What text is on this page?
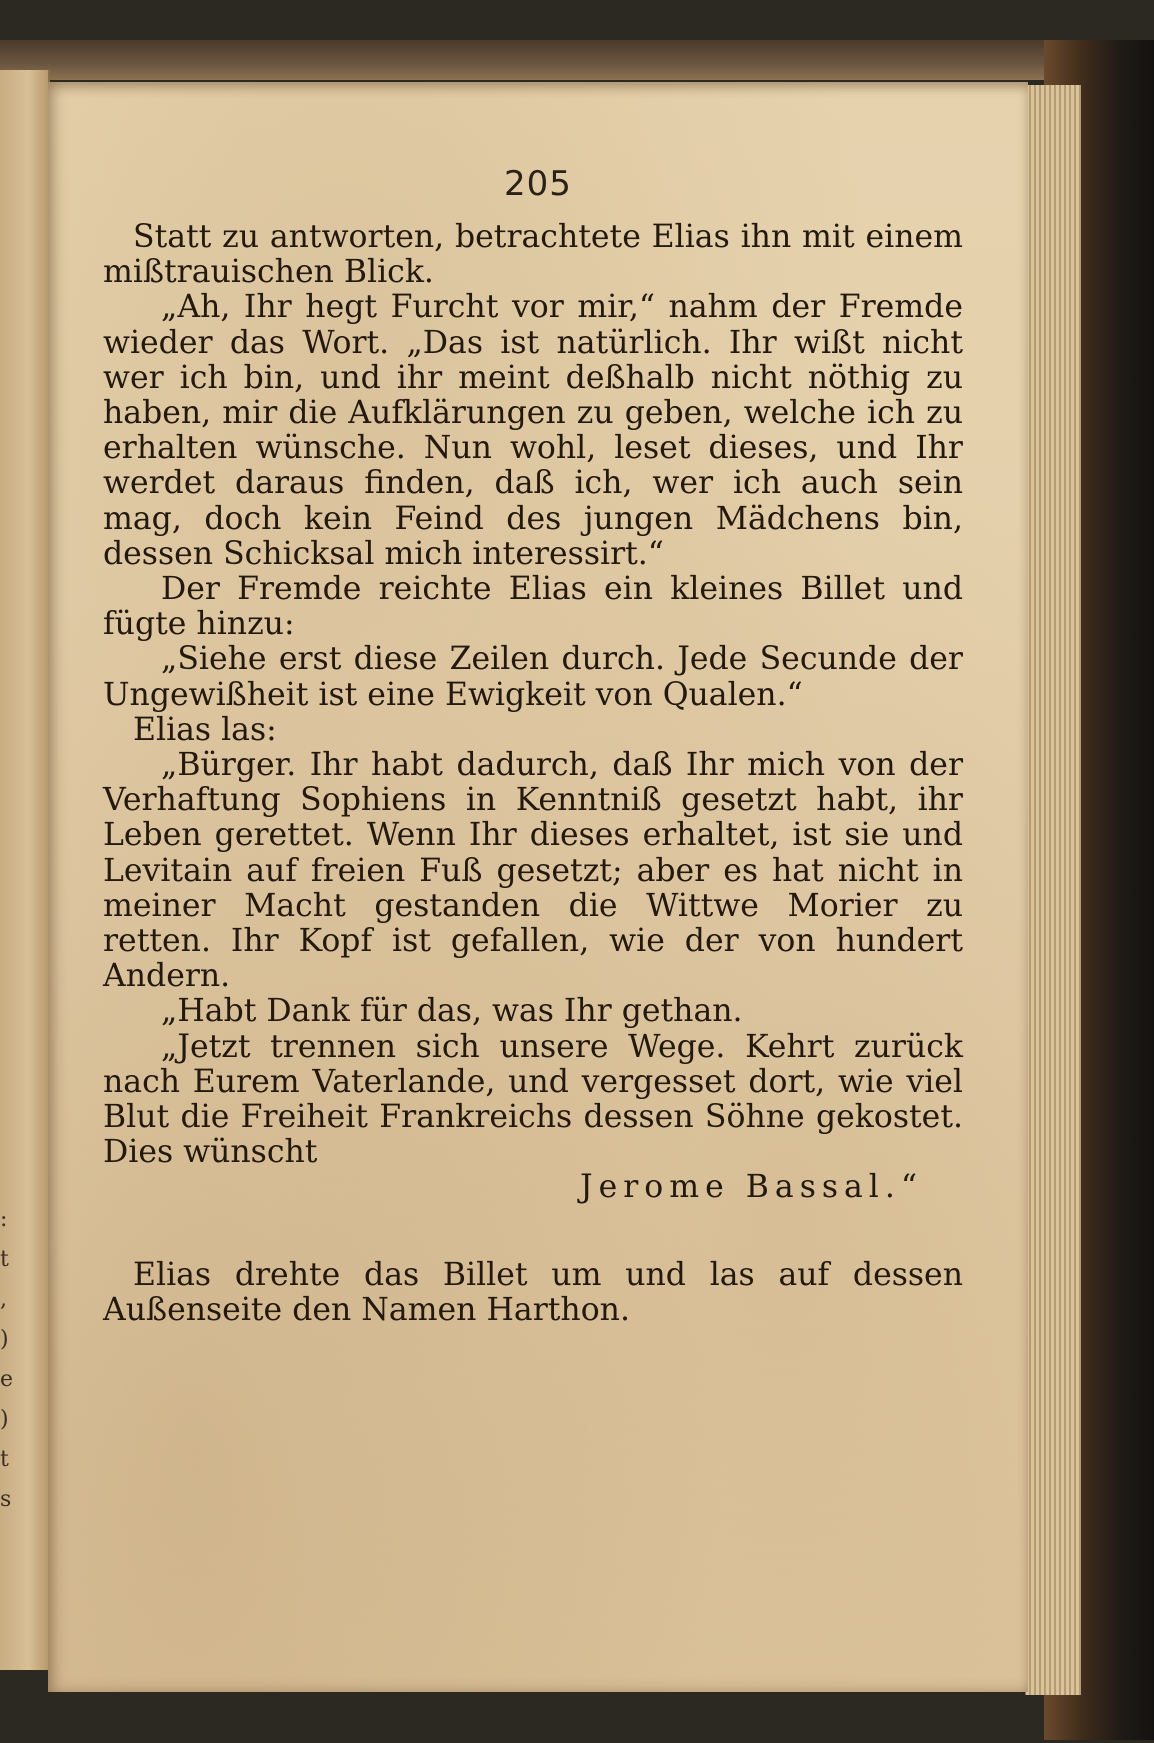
:
t
,
)
e
)
t
s
205

Statt zu antworten, betrachtete Elias ihn mit einem mißtrauischen Blick.

„Ah, Ihr hegt Furcht vor mir,“ nahm der Fremde wieder das Wort. „Das ist natürlich. Ihr wißt nicht wer ich bin, und ihr meint deßhalb nicht nöthig zu haben, mir die Aufklärungen zu geben, welche ich zu erhalten wünsche. Nun wohl, leset dieses, und Ihr werdet daraus finden, daß ich, wer ich auch sein mag, doch kein Feind des jungen Mädchens bin, dessen Schicksal mich interessirt.“

Der Fremde reichte Elias ein kleines Billet und fügte hinzu:

„Siehe erst diese Zeilen durch. Jede Secunde der Ungewißheit ist eine Ewigkeit von Qualen.“

Elias las:

„Bürger. Ihr habt dadurch, daß Ihr mich von der Verhaftung Sophiens in Kenntniß gesetzt habt, ihr Leben gerettet. Wenn Ihr dieses erhaltet, ist sie und Levitain auf freien Fuß gesetzt; aber es hat nicht in meiner Macht gestanden die Wittwe Morier zu retten. Ihr Kopf ist gefallen, wie der von hundert Andern.

„Habt Dank für das, was Ihr gethan.

„Jetzt trennen sich unsere Wege. Kehrt zurück nach Eurem Vaterlande, und vergesset dort, wie viel Blut die Freiheit Frankreichs dessen Söhne gekostet. Dies wünscht

Jerome Bassal.“

Elias drehte das Billet um und las auf dessen Außenseite den Namen Harthon.
